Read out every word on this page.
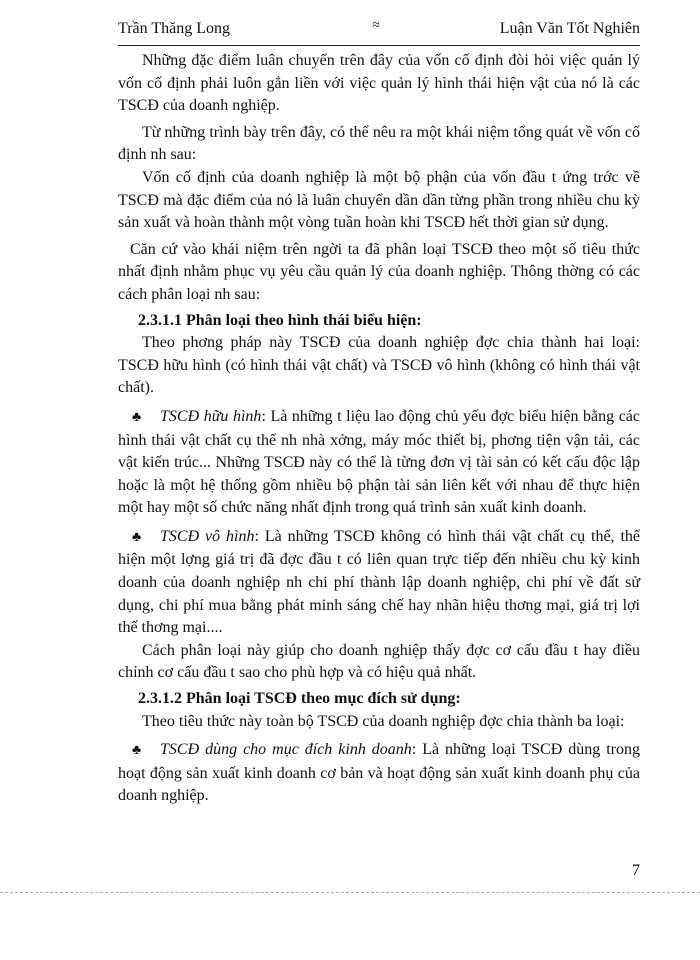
Trần Thăng Long	≈	Luận Văn Tốt Nghiên

Những đặc điểm luân chuyển trên đây của vốn cố định đòi hỏi việc quản lý vốn cố định phải luôn gắn liền với việc quản lý hình thái hiện vật của nó là các TSCĐ của doanh nghiệp.

Từ những trình bày trên đây, có thể nêu ra một khái niệm tổng quát về vốn cố định nh sau:

Vốn cố định của doanh nghiệp là một bộ phận của vốn đầu t ứng trớc về TSCĐ mà đặc điểm của nó là luân chuyển dần dần từng phần trong nhiều chu kỳ sản xuất và hoàn thành một vòng tuần hoàn khi TSCĐ hết thời gian sử dụng.

Căn cứ vào khái niệm trên ngời ta đã phân loại TSCĐ theo một số tiêu thức nhất định nhằm phục vụ yêu cầu quản lý của doanh nghiệp. Thông thờng có các cách phân loại nh sau:

2.3.1.1 Phân loại theo hình thái biểu hiện:

Theo phơng pháp này TSCĐ của doanh nghiệp đợc chia thành hai loại: TSCĐ hữu hình (có hình thái vật chất) và TSCĐ vô hình (không có hình thái vật chất).

♣ TSCĐ hữu hình: Là những t liệu lao động chủ yếu đợc biểu hiện bằng các hình thái vật chất cụ thể nh nhà xởng, máy móc thiết bị, phơng tiện vận tải, các vật kiến trúc... Những TSCĐ này có thể là từng đơn vị tài sản có kết cấu độc lập hoặc là một hệ thống gồm nhiều bộ phận tài sản liên kết với nhau để thực hiện một hay một số chức năng nhất định trong quá trình sản xuất kinh doanh.

♣ TSCĐ vô hình: Là những TSCĐ không có hình thái vật chất cụ thể, thể hiện một lợng giá trị đã đợc đầu t có liên quan trực tiếp đến nhiều chu kỳ kinh doanh của doanh nghiệp nh chi phí thành lập doanh nghiệp, chi phí về đất sử dụng, chi phí mua bằng phát minh sáng chế hay nhãn hiệu thơng mại, giá trị lợi thế thơng mại....

Cách phân loại này giúp cho doanh nghiệp thấy đợc cơ cấu đầu t hay điều chỉnh cơ cấu đầu t sao cho phù hợp và có hiệu quả nhất.

2.3.1.2 Phân loại TSCĐ theo mục đích sử dụng:

Theo tiêu thức này toàn bộ TSCĐ của doanh nghiệp đợc chia thành ba loại:

♣ TSCĐ dùng cho mục đích kinh doanh: Là những loại TSCĐ dùng trong hoạt động sản xuất kinh doanh cơ bản và hoạt động sản xuất kinh doanh phụ của doanh nghiệp.

7
